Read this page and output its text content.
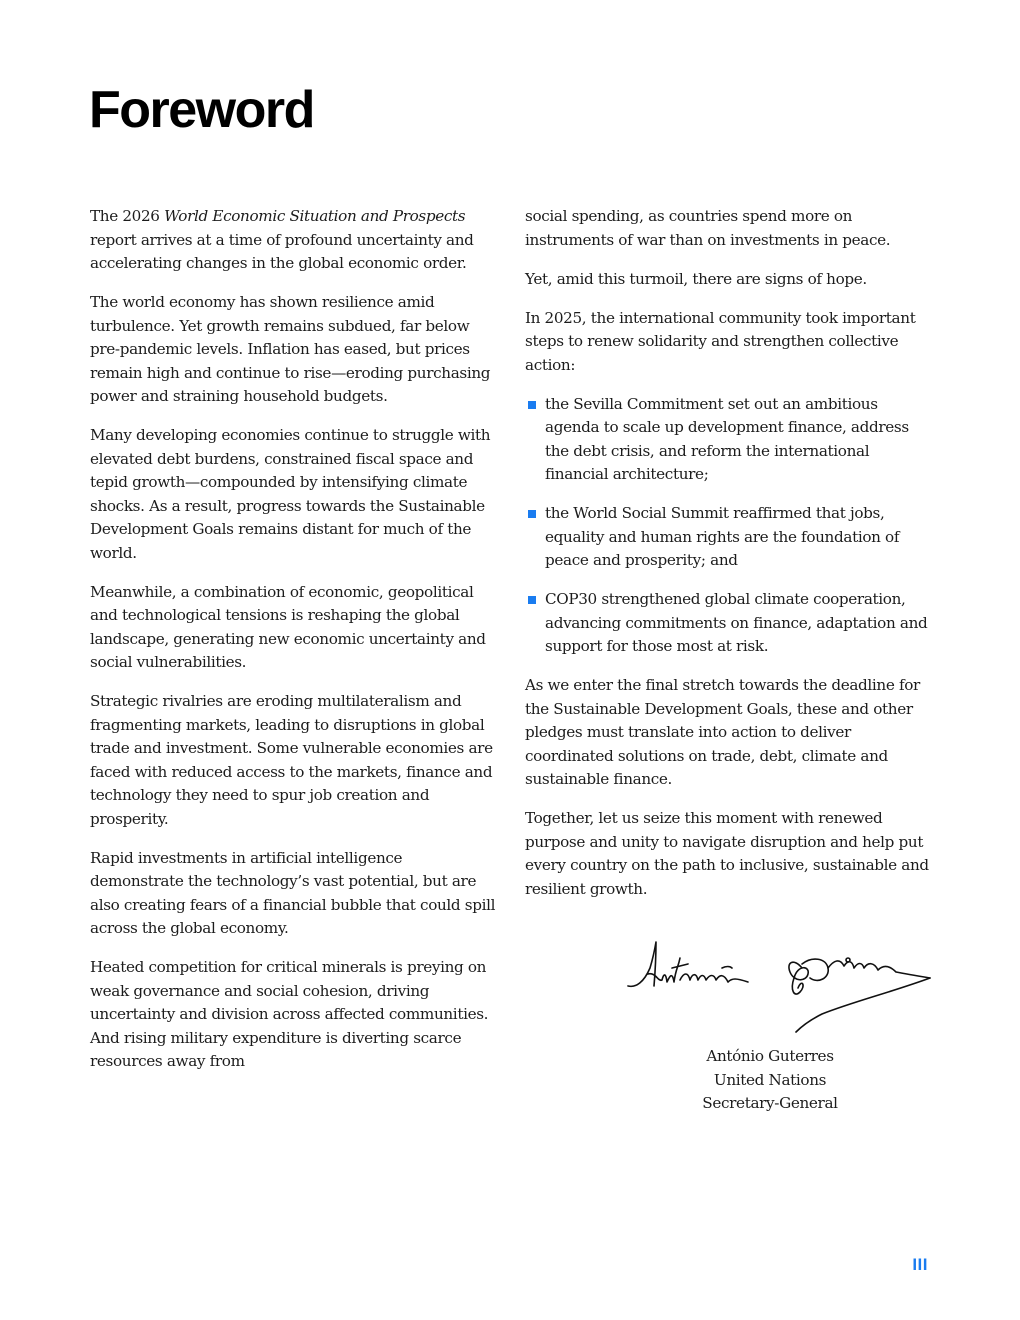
Foreword

The 2026 World Economic Situation and Prospects report arrives at a time of profound uncertainty and accelerating changes in the global economic order.

The world economy has shown resilience amid turbulence. Yet growth remains subdued, far below pre-pandemic levels. Inflation has eased, but prices remain high and continue to rise—eroding purchasing power and straining household budgets.

Many developing economies continue to struggle with elevated debt burdens, constrained fiscal space and tepid growth—compounded by intensifying climate shocks. As a result, progress towards the Sustainable Development Goals remains distant for much of the world.

Meanwhile, a combination of economic, geopolitical and technological tensions is reshaping the global landscape, generating new economic uncertainty and social vulnerabilities.

Strategic rivalries are eroding multilateralism and fragmenting markets, leading to disruptions in global trade and investment. Some vulnerable economies are faced with reduced access to the markets, finance and technology they need to spur job creation and prosperity.

Rapid investments in artificial intelligence demonstrate the technology’s vast potential, but are also creating fears of a financial bubble that could spill across the global economy.

Heated competition for critical minerals is preying on weak governance and social cohesion, driving uncertainty and division across affected communities. And rising military expenditure is diverting scarce resources away from

social spending, as countries spend more on instruments of war than on investments in peace.

Yet, amid this turmoil, there are signs of hope.

In 2025, the international community took important steps to renew solidarity and strengthen collective action:

the Sevilla Commitment set out an ambitious agenda to scale up development finance, address the debt crisis, and reform the international financial architecture;
the World Social Summit reaffirmed that jobs, equality and human rights are the foundation of peace and prosperity; and
COP30 strengthened global climate cooperation, advancing commitments on finance, adaptation and support for those most at risk.

As we enter the final stretch towards the deadline for the Sustainable Development Goals, these and other pledges must translate into action to deliver coordinated solutions on trade, debt, climate and sustainable finance.

Together, let us seize this moment with renewed purpose and unity to navigate disruption and help put every country on the path to inclusive, sustainable and resilient growth.

António Guterres
United Nations
Secretary-General
III
